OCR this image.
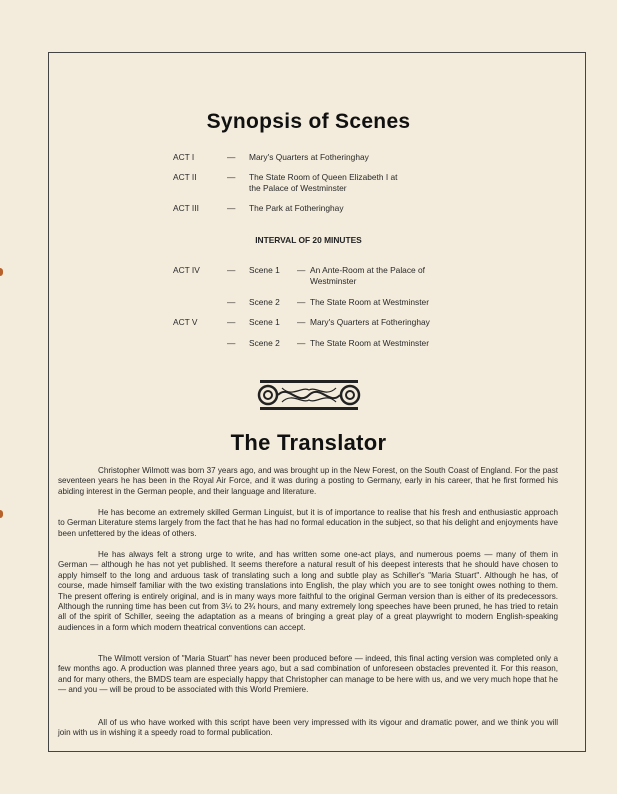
Synopsis of Scenes
ACT I	— Mary's Quarters at Fotheringhay
ACT II	— The State Room of Queen Elizabeth I at the Palace of Westminster
ACT III	— The Park at Fotheringhay
INTERVAL OF 20 MINUTES
ACT IV	— Scene 1 — An Ante-Room at the Palace of Westminster
— Scene 2 — The State Room at Westminster
ACT V	— Scene 1 — Mary's Quarters at Fotheringhay
— Scene 2 — The State Room at Westminster
The Translator

Christopher Wilmott was born 37 years ago, and was brought up in the New Forest, on the South Coast of England. For the past seventeen years he has been in the Royal Air Force, and it was during a posting to Germany, early in his career, that he first formed his abiding interest in the German people, and their language and literature.

He has become an extremely skilled German Linguist, but it is of importance to realise that his fresh and enthusiastic approach to German Literature stems largely from the fact that he has had no formal education in the subject, so that his delight and enjoyments have been unfettered by the ideas of others.

He has always felt a strong urge to write, and has written some one-act plays, and numerous poems — many of them in German — although he has not yet published. It seems therefore a natural result of his deepest interests that he should have chosen to apply himself to the long and arduous task of translating such a long and subtle play as Schiller's "Maria Stuart". Although he has, of course, made himself familiar with the two existing translations into English, the play which you are to see tonight owes nothing to them. The present offering is entirely original, and is in many ways more faithful to the original German version than is either of its predecessors. Although the running time has been cut from 3¼ to 2¾ hours, and many extremely long speeches have been pruned, he has tried to retain all of the spirit of Schiller, seeing the adaptation as a means of bringing a great play of a great playwright to modern English-speaking audiences in a form which modern theatrical conventions can accept.

The Wilmott version of "Maria Stuart" has never been produced before — indeed, this final acting version was completed only a few months ago. A production was planned three years ago, but a sad combination of unforeseen obstacles prevented it. For this reason, and for many others, the BMDS team are especially happy that Christopher can manage to be here with us, and we very much hope that he — and you — will be proud to be associated with this World Premiere.

All of us who have worked with this script have been very impressed with its vigour and dramatic power, and we think you will join with us in wishing it a speedy road to formal publication.
